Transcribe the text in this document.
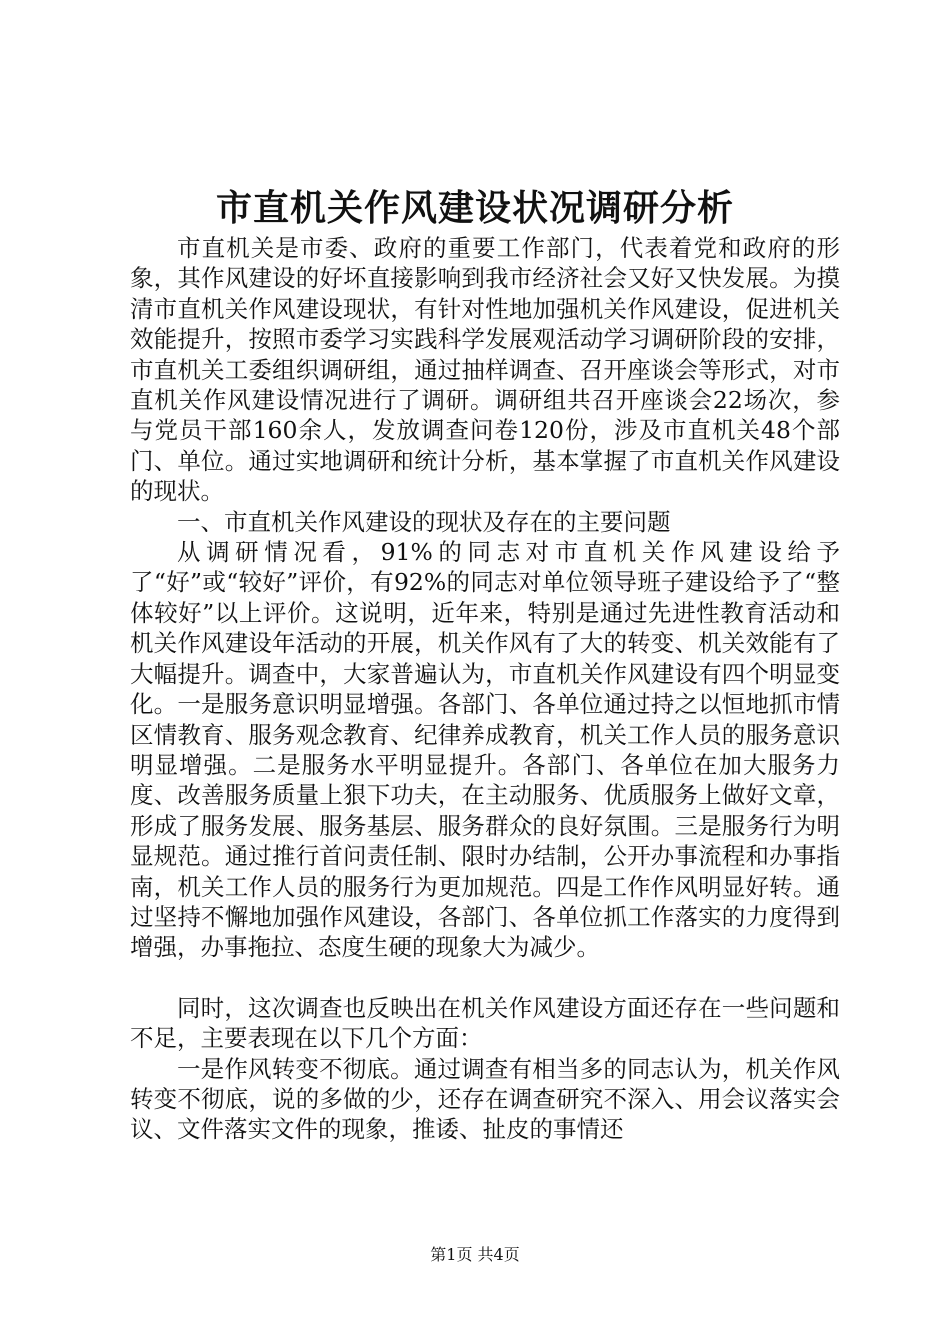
市直机关作风建设状况调研分析

市直机关是市委、政府的重要工作部门，代表着党和政府的形象，其作风建设的好坏直接影响到我市经济社会又好又快发展。为摸清市直机关作风建设现状，有针对性地加强机关作风建设，促进机关效能提升，按照市委学习实践科学发展观活动学习调研阶段的安排，市直机关工委组织调研组，通过抽样调查、召开座谈会等形式，对市直机关作风建设情况进行了调研。调研组共召开座谈会22场次，参与党员干部160余人，发放调查问卷120份，涉及市直机关48个部门、单位。通过实地调研和统计分析，基本掌握了市直机关作风建设的现状。

一、市直机关作风建设的现状及存在的主要问题

从调研情况看，91%的同志对市直机关作风建设给予了“好”或“较好”评价，有92%的同志对单位领导班子建设给予了“整体较好”以上评价。这说明，近年来，特别是通过先进性教育活动和机关作风建设年活动的开展，机关作风有了大的转变、机关效能有了大幅提升。调查中，大家普遍认为，市直机关作风建设有四个明显变化。一是服务意识明显增强。各部门、各单位通过持之以恒地抓市情区情教育、服务观念教育、纪律养成教育，机关工作人员的服务意识明显增强。二是服务水平明显提升。各部门、各单位在加大服务力度、改善服务质量上狠下功夫，在主动服务、优质服务上做好文章，形成了服务发展、服务基层、服务群众的良好氛围。三是服务行为明显规范。通过推行首问责任制、限时办结制，公开办事流程和办事指南，机关工作人员的服务行为更加规范。四是工作作风明显好转。通过坚持不懈地加强作风建设，各部门、各单位抓工作落实的力度得到增强，办事拖拉、态度生硬的现象大为减少。

同时，这次调查也反映出在机关作风建设方面还存在一些问题和不足，主要表现在以下几个方面：

一是作风转变不彻底。通过调查有相当多的同志认为，机关作风转变不彻底，说的多做的少，还存在调查研究不深入、用会议落实会议、文件落实文件的现象，推诿、扯皮的事情还

第1页 共4页
